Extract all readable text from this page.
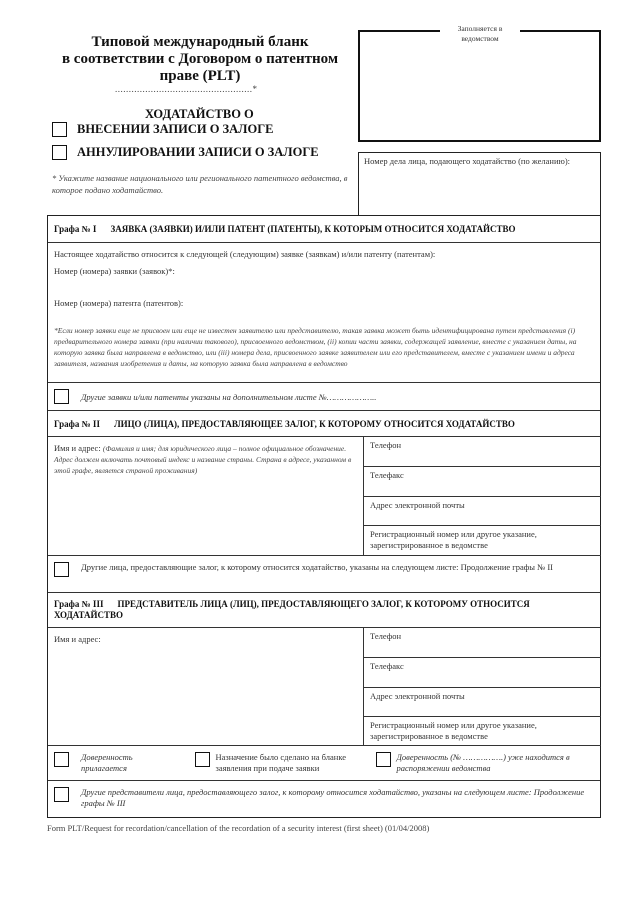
Типовой международный бланк
в соответствии с Договором о патентном
праве (PLT)
..................................................*
Заполняется в ведомством
ХОДАТАЙСТВО О
ВНЕСЕНИИ ЗАПИСИ О ЗАЛОГЕ
АННУЛИРОВАНИИ ЗАПИСИ О ЗАЛОГЕ
* Укажите название национального или регионального патентного ведомства, в которое подано ходатайство.
Номер дела лица, подающего ходатайство (по желанию):
Графа № I ЗАЯВКА (ЗАЯВКИ) И/ИЛИ ПАТЕНТ (ПАТЕНТЫ), К КОТОРЫМ ОТНОСИТСЯ ХОДАТАЙСТВО
Настоящее ходатайство относится к следующей (следующим) заявке (заявкам) и/или патенту (патентам):
Номер (номера) заявки (заявок)*:
Номер (номера) патента (патентов):
*Если номер заявки еще не присвоен или еще не известен заявителю или представителю, такая заявка может быть идентифицирована путем представления (i) предварительного номера заявки (при наличии такового), присвоенного ведомством, (ii) копии части заявки, содержащей заявление, вместе с указанием даты, на которую заявка была направлена в ведомство, или (iii) номера дела, присвоенного заявке заявителем или его представителем, вместе с указанием имени и адреса заявителя, названия изобретения и даты, на которую заявка была направлена в ведомство
Другие заявки и/или патенты указаны на дополнительном листе №………………..
Графа № II ЛИЦО (ЛИЦА), ПРЕДОСТАВЛЯЮЩЕЕ ЗАЛОГ, К КОТОРОМУ ОТНОСИТСЯ ХОДАТАЙСТВО
Имя и адрес: (Фамилия и имя; для юридического лица – полное официальное обозначение. Адрес должен включать почтовый индекс и название страны. Страна в адресе, указанном в этой графе, является страной проживания)
Телефон
Телефакс
Адрес электронной почты
Регистрационный номер или другое указание, зарегистрированное в ведомстве
Другие лица, предоставляющие залог, к которому относится ходатайство, указаны на следующем листе: Продолжение графы № II
Графа № III ПРЕДСТАВИТЕЛЬ ЛИЦА (ЛИЦ), ПРЕДОСТАВЛЯЮЩЕГО ЗАЛОГ, К КОТОРОМУ ОТНОСИТСЯ ХОДАТАЙСТВО
Имя и адрес:	Телефон
Телефакс
Адрес электронной почты
Регистрационный номер или другое указание, зарегистрированное в ведомстве
Доверенность прилагается
Назначение было сделано на бланке заявления при подаче заявки
Доверенность (№ …………….) уже находится в распоряжении ведомства
Другие представители лица, предоставляющего залог, к которому относится ходатайство, указаны на следующем листе: Продолжение графы № III
Form PLT/Request for recordation/cancellation of the recordation of a security interest (first sheet) (01/04/2008)
